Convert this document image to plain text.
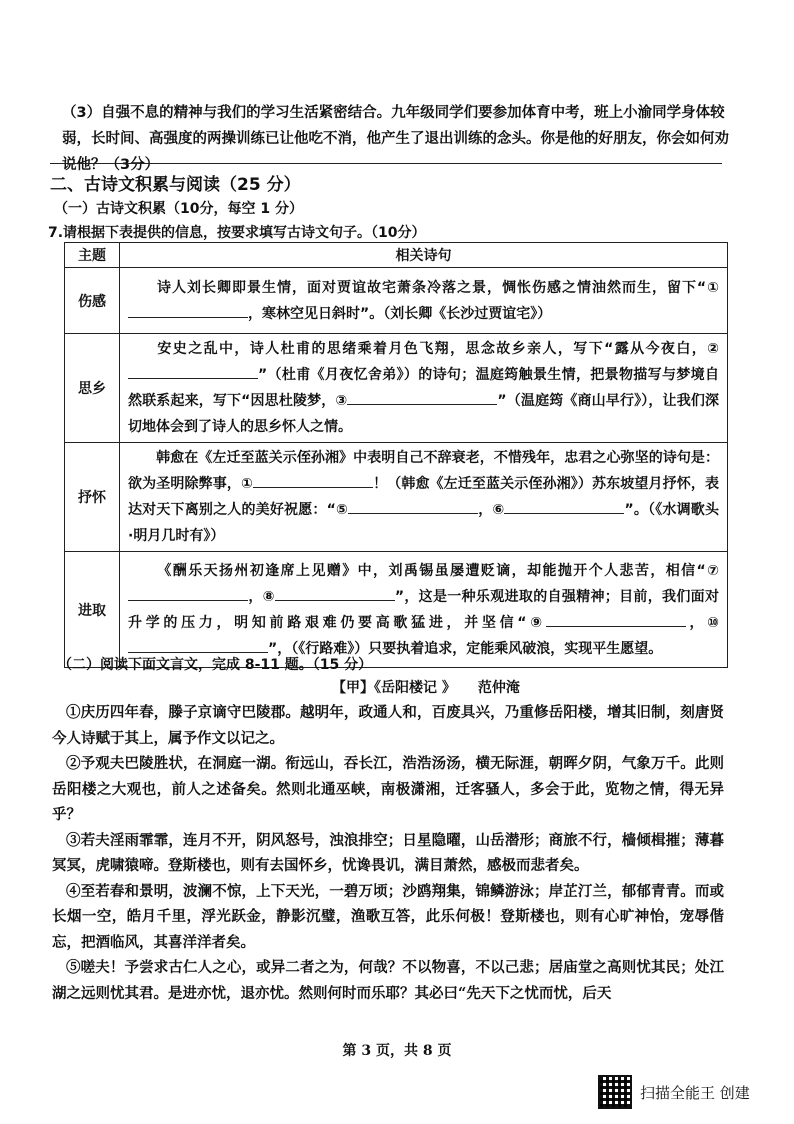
（3）自强不息的精神与我们的学习生活紧密结合。九年级同学们要参加体育中考，班上小渝同学身体较弱，长时间、高强度的两操训练已让他吃不消，他产生了退出训练的念头。你是他的好朋友，你会如何劝说他？（3分）
二、古诗文积累与阅读（25 分）
（一）古诗文积累（10分，每空 1 分）
7.请根据下表提供的信息，按要求填写古诗文句子。（10分）
主题	相关诗句
伤感	诗人刘长卿即景生情，面对贾谊故宅萧条冷落之景，惆怅伤感之情油然而生，留下“①，寒林空见日斜时”。（刘长卿《长沙过贾谊宅》）
思乡	安史之乱中，诗人杜甫的思绪乘着月色飞翔，思念故乡亲人，写下“露从今夜白，②”（杜甫《月夜忆舍弟》）的诗句；温庭筠触景生情，把景物描写与梦境自然联系起来，写下“因思杜陵梦，③ ”（温庭筠《商山早行》），让我们深切地体会到了诗人的思乡怀人之情。
抒怀	韩愈在《左迁至蓝关示侄孙湘》中表明自己不辞衰老，不惜残年，忠君之心弥坚的诗句是：欲为圣明除弊事，① ！（韩愈《左迁至蓝关示侄孙湘》）苏东坡望月抒怀，表达对天下离别之人的美好祝愿：“⑤ ，⑥ ”。（《水调歌头·明月几时有》）
进取	《酬乐天扬州初逢席上见赠》中，刘禹锡虽屡遭贬谪，却能抛开个人悲苦，相信“⑦，⑧ ”，这是一种乐观进取的自强精神；目前，我们面对升学的压力，明知前路艰难仍要高歌猛进，并坚信“⑨ ，⑩”，（《行路难》）只要执着追求，定能乘风破浪，实现平生愿望。
（二）阅读下面文言文，完成 8-11 题。（15 分）
【甲】《岳阳楼记 》 范仲淹

①庆历四年春，滕子京谪守巴陵郡。越明年，政通人和，百废具兴，乃重修岳阳楼，增其旧制，刻唐贤今人诗赋于其上，属予作文以记之。

②予观夫巴陵胜状，在洞庭一湖。衔远山，吞长江，浩浩汤汤，横无际涯，朝晖夕阴，气象万千。此则岳阳楼之大观也，前人之述备矣。然则北通巫峡，南极潇湘，迁客骚人，多会于此，览物之情，得无异乎？

③若夫淫雨霏霏，连月不开，阴风怒号，浊浪排空；日星隐曜，山岳潜形；商旅不行，樯倾楫摧；薄暮冥冥，虎啸猿啼。登斯楼也，则有去国怀乡，忧谗畏讥，满目萧然，感极而悲者矣。

④至若春和景明，波澜不惊，上下天光，一碧万顷；沙鸥翔集，锦鳞游泳；岸芷汀兰，郁郁青青。而或长烟一空，皓月千里，浮光跃金，静影沉璧，渔歌互答，此乐何极！登斯楼也，则有心旷神怡，宠辱偕忘，把酒临风，其喜洋洋者矣。

⑤嗟夫！予尝求古仁人之心，或异二者之为，何哉？不以物喜，不以己悲；居庙堂之高则忧其民；处江湖之远则忧其君。是进亦忧，退亦忧。然则何时而乐耶？其必曰“先天下之忧而忧，后天

第 3 页，共 8 页
扫描全能王 创建
